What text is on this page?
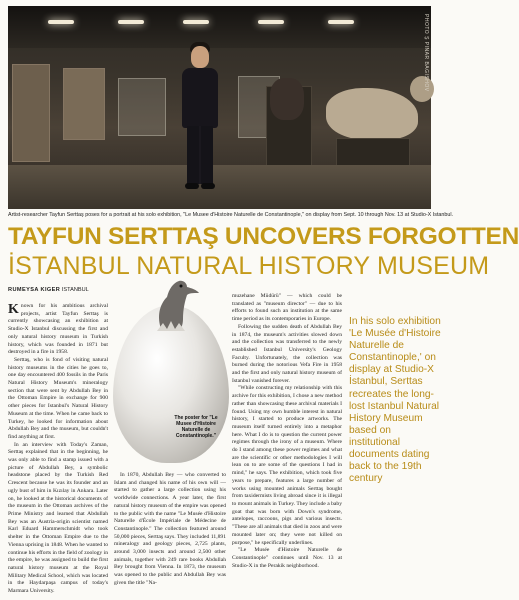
PHOTO Ş PINAR BAGISHOV
Artist-researcher Tayfun Serttaş poses for a portrait at his solo exhibition, "Le Musee d'Histoire Naturelle de Constantinople," on display from Sept. 10 through Nov. 13 at Studio-X Istanbul.
TAYFUN SERTTAŞ UNCOVERS FORGOTTEN
İSTANBUL NATURAL HISTORY MUSEUM
RUMEYSA KIGER ISTANBUL

Known for his ambitious archival projects, artist Tayfun Serttaş is currently showcasing an exhibition at Studio-X Istanbul discussing the first and only natural history museum in Turkish history, which was founded in 1871 but destroyed in a fire in 1958.

Serttaş, who is fond of visiting natural history museums in the cities he goes to, one day encountered 400 fossils in the Paris Natural History Museum's mineralogy section that were sent by Abdullah Bey in the Ottoman Empire in exchange for 900 other pieces for Istanbul's Natural History Museum at the time. When he came back to Turkey, he looked for information about Abdullah Bey and the museum, but couldn't find anything at first.

In an interview with Today's Zaman, Serttaş explained that in the beginning, he was only able to find a stamp issued with a picture of Abdullah Bey, a symbolic headstone placed by the Turkish Red Crescent because he was its founder and an ugly bust of him in Kızılay in Ankara. Later on, he looked at the historical documents of the museum in the Ottoman archives of the Prime Ministry and learned that Abdullah Bey was an Austria-origin scientist named Karl Eduard Hammerschmidt who took shelter in the Ottoman Empire due to the Vienna uprising in 1848. When he wanted to continue his efforts in the field of zoology in the empire, he was assigned to build the first natural history museum at the Royal Military Medical School, which was located in the Haydarpaşa campus of today's Marmara University.

The poster for "Le Musee d'Histoire Naturelle de Constantinople."

In 1870, Abdullah Bey — who converted to Islam and changed his name of his own will — started to gather a large collection using his worldwide connections. A year later, the first natural history museum of the empire was opened to the public with the name "Le Musée d'Histoire Naturelle d'École Impériale de Médecine de Constantinople." The collection featured around 50,000 pieces, Serttaş says. They included 11,891 mineralogy and geology pieces, 2,725 plants, around 3,000 insects and around 2,500 other animals, together with 249 rare books Abdullah Bey brought from Vienna. In 1873, the museum was opened to the public and Abdullah Bey was given the title "Na-

muzehane Müdürü" — which could be translated as "museum director" — due to his efforts to found such an institution at the same time period as its contemporaries in Europe.

Following the sudden death of Abdullah Bey in 1874, the museum's activities slowed down and the collection was transferred to the newly established Istanbul University's Geology Faculty. Unfortunately, the collection was burned during the notorious Vefa Fire in 1958 and the first and only natural history museum of Istanbul vanished forever.

"While constructing my relationship with this archive for this exhibition, I chose a new method rather than showcasing these archival materials I found. Using my own humble interest in natural history, I started to produce artworks. The museum itself turned entirely into a metaphor here. What I do is to question the current power regimes through the irony of a museum. Where do I stand among these power regimes and what are the scientific or other methodologies I will lean on to are some of the questions I had in mind," he says. The exhibition, which took five years to prepare, features a large number of works using mounted animals Serttaş bought from taxidermists living abroad since it is illegal to mount animals in Turkey. They include a baby goat that was born with Down's syndrome, antelopes, raccoons, pigs and various insects. "These are all animals that died in zoos and were mounted later on; they were not killed on purpose," he specifically underlines.

"Le Musée d'Histoire Naturelle de Constantinople" continues until Nov. 13 at Studio-X in the Perakik neighborhood.

In his solo exhibition 'Le Musée d'Histoire Naturelle de Constantinople,' on display at Studio-X İstanbul, Serttas recreates the long-lost Istanbul Natural History Museum based on institutional documents dating back to the 19th century
